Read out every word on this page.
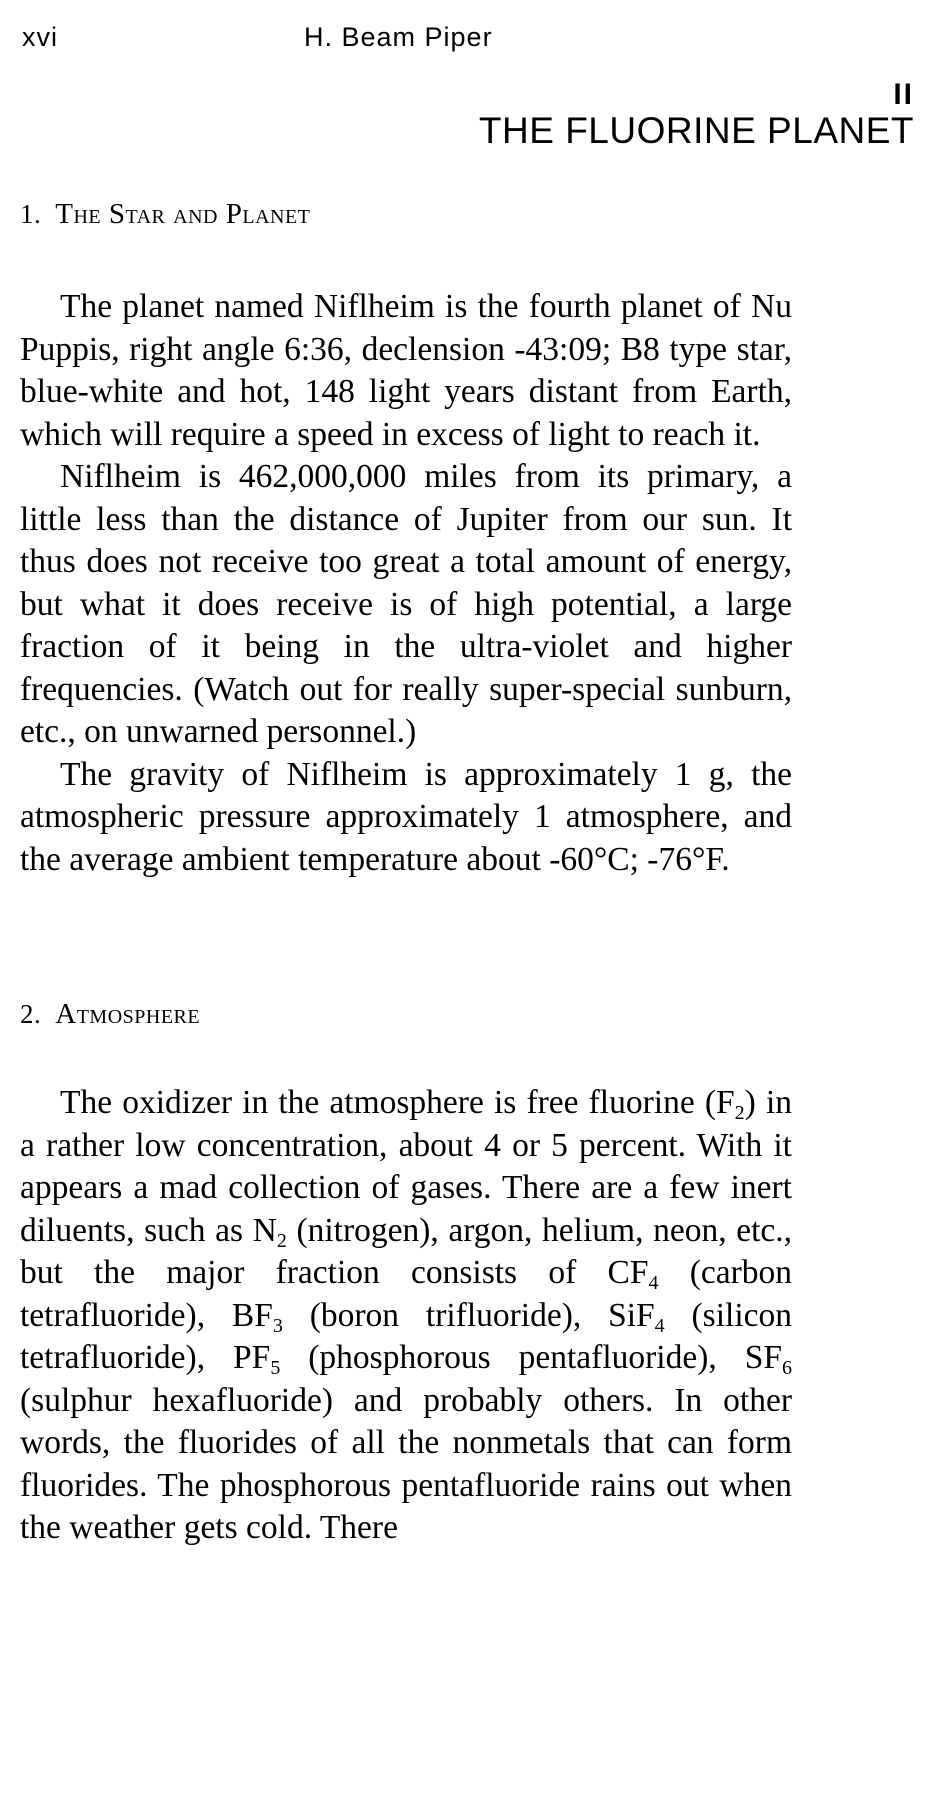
xvi	H. Beam Piper
II
THE FLUORINE PLANET
1. The Star and Planet

The planet named Niflheim is the fourth planet of Nu Puppis, right angle 6:36, declension -43:09; B8 type star, blue-white and hot, 148 light years distant from Earth, which will require a speed in excess of light to reach it.

Niflheim is 462,000,000 miles from its primary, a little less than the distance of Jupiter from our sun. It thus does not receive too great a total amount of energy, but what it does receive is of high potential, a large fraction of it being in the ultra-violet and higher frequencies. (Watch out for really super-special sunburn, etc., on unwarned personnel.)

The gravity of Niflheim is approximately 1 g, the atmospheric pressure approximately 1 atmosphere, and the average ambient temperature about -60°C; -76°F.

2. Atmosphere

The oxidizer in the atmosphere is free fluorine $(F_2)$ in a rather low concentration, about 4 or 5 percent. With it appears a mad collection of gases. There are a few inert diluents, such as $N_2$ (nitrogen), argon, helium, neon, etc., but the major fraction consists of $CF_4$ (carbon tetrafluoride), $BF_3$ (boron trifluoride), SiF$_4$ (silicon tetrafluoride), $PF_5$ (phosphorous pentafluoride), $SF_6$ (sulphur hexafluoride) and probably others. In other words, the fluorides of all the nonmetals that can form fluorides. The phosphorous pentafluoride rains out when the weather gets cold. There
